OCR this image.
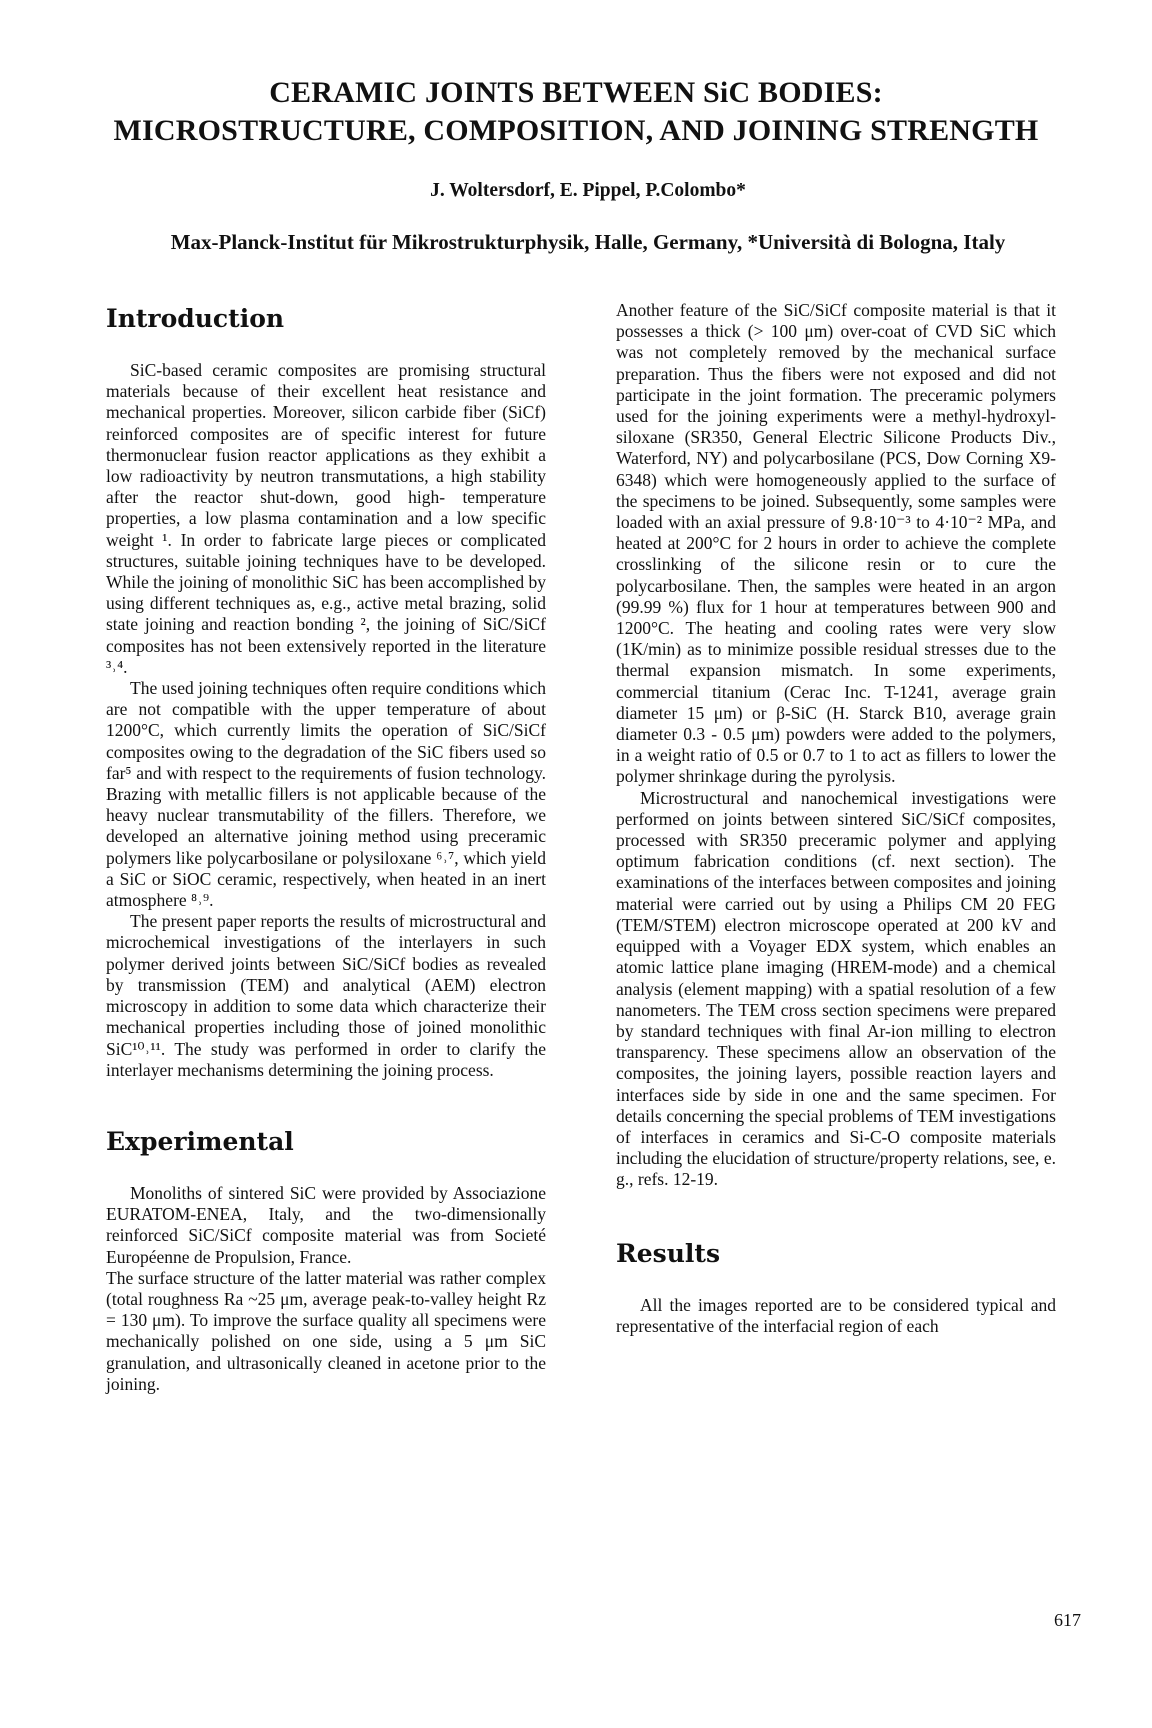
CERAMIC JOINTS BETWEEN SiC BODIES:
MICROSTRUCTURE, COMPOSITION, AND JOINING STRENGTH

J. Woltersdorf, E. Pippel, P.Colombo*

Max-Planck-Institut für Mikrostrukturphysik, Halle, Germany, *Università di Bologna, Italy

Introduction

SiC-based ceramic composites are promising structural materials because of their excellent heat resistance and mechanical properties. Moreover, silicon carbide fiber (SiCf) reinforced composites are of specific interest for future thermonuclear fusion reactor applications as they exhibit a low radioactivity by neutron transmutations, a high stability after the reactor shut-down, good high- temperature properties, a low plasma contamination and a low specific weight ¹. In order to fabricate large pieces or complicated structures, suitable joining techniques have to be developed. While the joining of monolithic SiC has been accomplished by using different techniques as, e.g., active metal brazing, solid state joining and reaction bonding ², the joining of SiC/SiCf composites has not been extensively reported in the literature ³˒⁴.

The used joining techniques often require conditions which are not compatible with the upper temperature of about 1200°C, which currently limits the operation of SiC/SiCf composites owing to the degradation of the SiC fibers used so far⁵ and with respect to the requirements of fusion technology. Brazing with metallic fillers is not applicable because of the heavy nuclear transmutability of the fillers. Therefore, we developed an alternative joining method using preceramic polymers like polycarbosilane or polysiloxane ⁶˒⁷, which yield a SiC or SiOC ceramic, respectively, when heated in an inert atmosphere ⁸˒⁹.

The present paper reports the results of microstructural and microchemical investigations of the interlayers in such polymer derived joints between SiC/SiCf bodies as revealed by transmission (TEM) and analytical (AEM) electron microscopy in addition to some data which characterize their mechanical properties including those of joined monolithic SiC¹⁰˒¹¹. The study was performed in order to clarify the interlayer mechanisms determining the joining process.

Experimental

Monoliths of sintered SiC were provided by Associazione EURATOM-ENEA, Italy, and the two-dimensionally reinforced SiC/SiCf composite material was from Societé Européenne de Propulsion, France.

The surface structure of the latter material was rather complex (total roughness Ra ~25 μm, average peak-to-valley height Rz = 130 μm). To improve the surface quality all specimens were mechanically polished on one side, using a 5 μm SiC granulation, and ultrasonically cleaned in acetone prior to the joining.

Another feature of the SiC/SiCf composite material is that it possesses a thick (> 100 μm) over-coat of CVD SiC which was not completely removed by the mechanical surface preparation. Thus the fibers were not exposed and did not participate in the joint formation. The preceramic polymers used for the joining experiments were a methyl-hydroxyl-siloxane (SR350, General Electric Silicone Products Div., Waterford, NY) and polycarbosilane (PCS, Dow Corning X9-6348) which were homogeneously applied to the surface of the specimens to be joined. Subsequently, some samples were loaded with an axial pressure of 9.8·10⁻³ to 4·10⁻² MPa, and heated at 200°C for 2 hours in order to achieve the complete crosslinking of the silicone resin or to cure the polycarbosilane. Then, the samples were heated in an argon (99.99 %) flux for 1 hour at temperatures between 900 and 1200°C. The heating and cooling rates were very slow (1K/min) as to minimize possible residual stresses due to the thermal expansion mismatch. In some experiments, commercial titanium (Cerac Inc. T-1241, average grain diameter 15 μm) or β-SiC (H. Starck B10, average grain diameter 0.3 - 0.5 μm) powders were added to the polymers, in a weight ratio of 0.5 or 0.7 to 1 to act as fillers to lower the polymer shrinkage during the pyrolysis.

Microstructural and nanochemical investigations were performed on joints between sintered SiC/SiCf composites, processed with SR350 preceramic polymer and applying optimum fabrication conditions (cf. next section). The examinations of the interfaces between composites and joining material were carried out by using a Philips CM 20 FEG (TEM/STEM) electron microscope operated at 200 kV and equipped with a Voyager EDX system, which enables an atomic lattice plane imaging (HREM-mode) and a chemical analysis (element mapping) with a spatial resolution of a few nanometers. The TEM cross section specimens were prepared by standard techniques with final Ar-ion milling to electron transparency. These specimens allow an observation of the composites, the joining layers, possible reaction layers and interfaces side by side in one and the same specimen. For details concerning the special problems of TEM investigations of interfaces in ceramics and Si-C-O composite materials including the elucidation of structure/property relations, see, e. g., refs. 12-19.

Results

All the images reported are to be considered typical and representative of the interfacial region of each

617
